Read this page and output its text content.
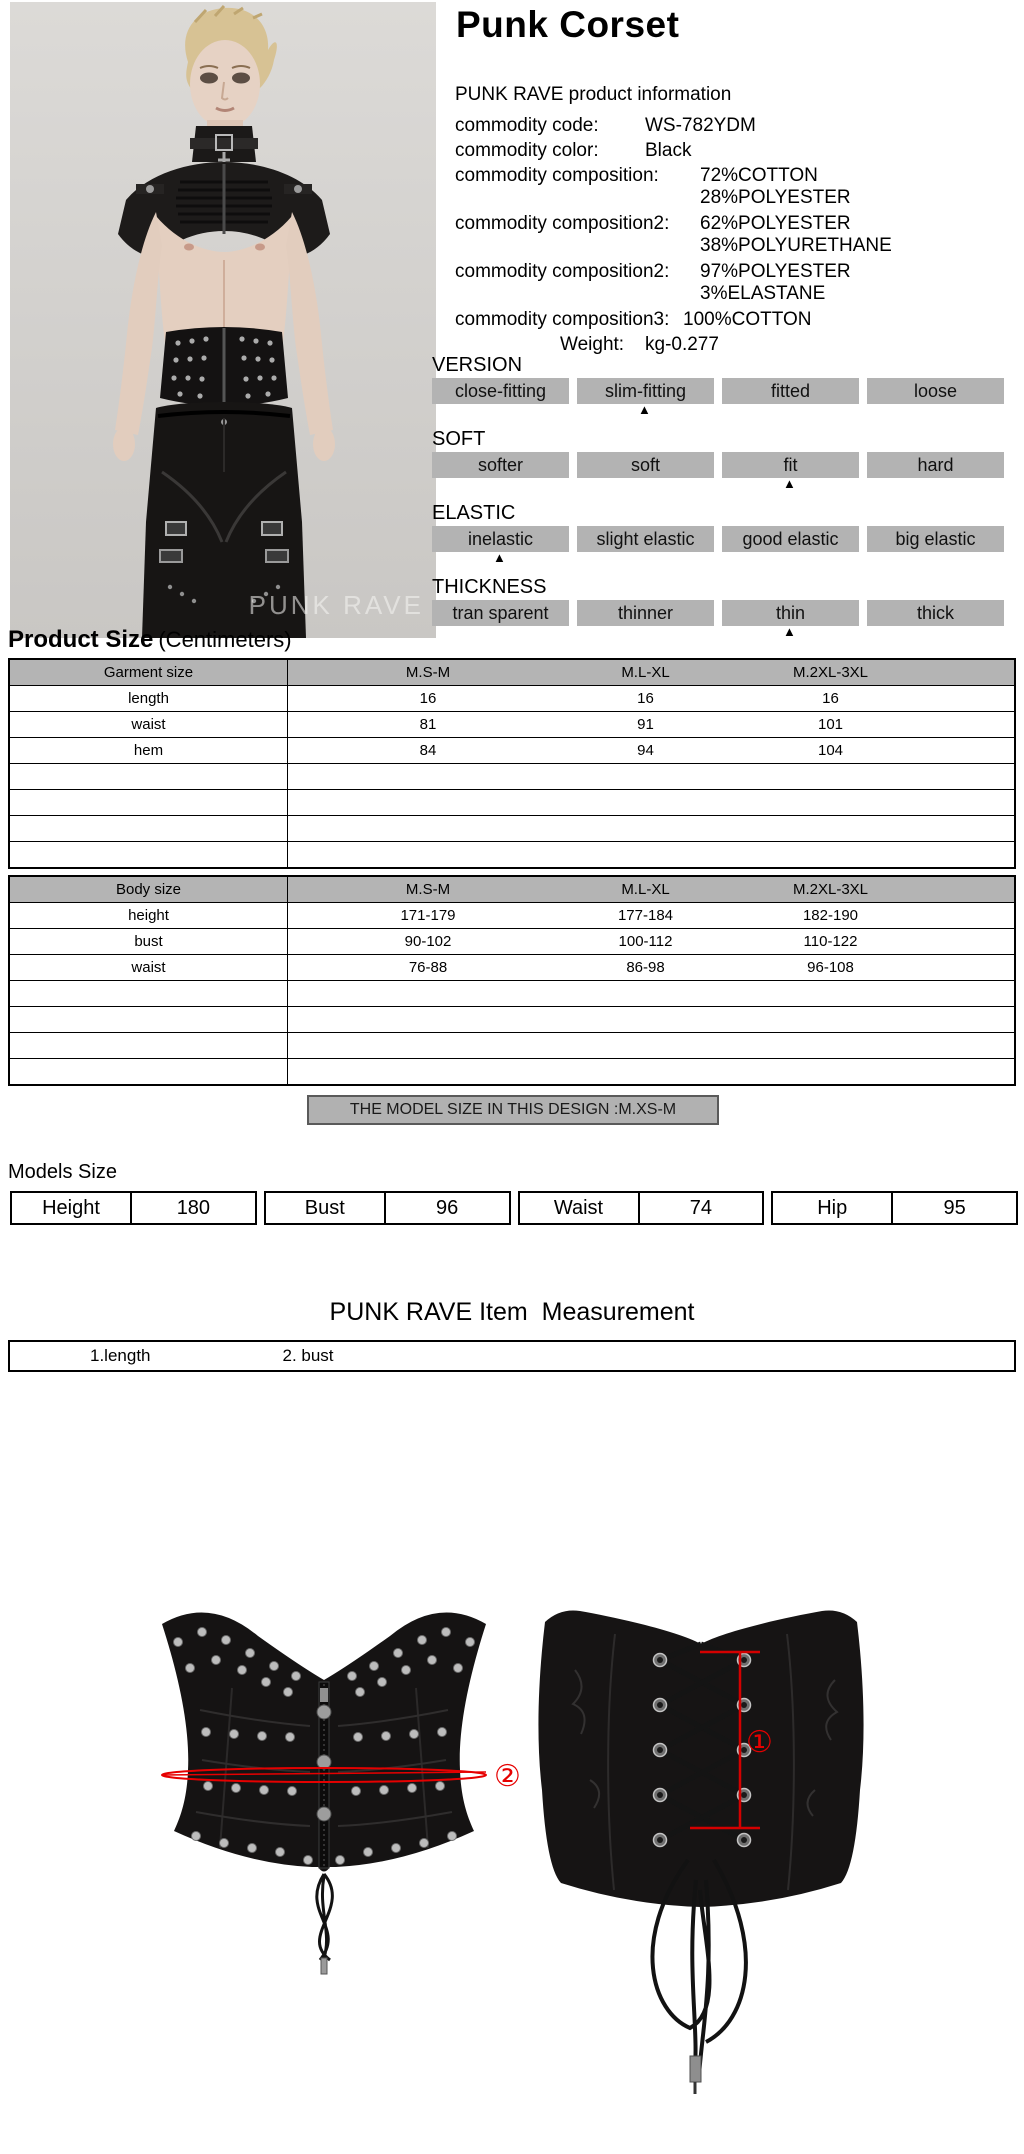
PUNK RAVE
Punk Corset
PUNK RAVE product information
commodity code: WS-782YDM
commodity color: Black
commodity composition: 72%COTTON
28%POLYESTER
commodity composition2: 62%POLYESTER
38%POLYURETHANE
commodity composition2: 97%POLYESTER
3%ELASTANE
commodity composition3: 100%COTTON
Weight: kg-0.277
VERSION
close-fitting	slim-fitting	fitted	loose
▲
SOFT
softer	soft	fit	hard
▲
ELASTIC
inelastic	slight elastic	good elastic	big elastic
▲
THICKNESS
tran sparent	thinner	thin	thick
▲
Product Size (Centimeters)
Garment size	M.S-M	M.L-XL	M.2XL-3XL
length	16	16	16
waist	81	91	101
hem	84	94	104
Body size	M.S-M	M.L-XL	M.2XL-3XL
height	171-179	177-184	182-190
bust	90-102	100-112	110-122
waist	76-88	86-98	96-108
THE MODEL SIZE IN THIS DESIGN :M.XS-M
Models Size
Height	180	Bust	96	Waist	74	Hip	95
PUNK RAVE Item  Measurement
1.length	2. bust
②
①
